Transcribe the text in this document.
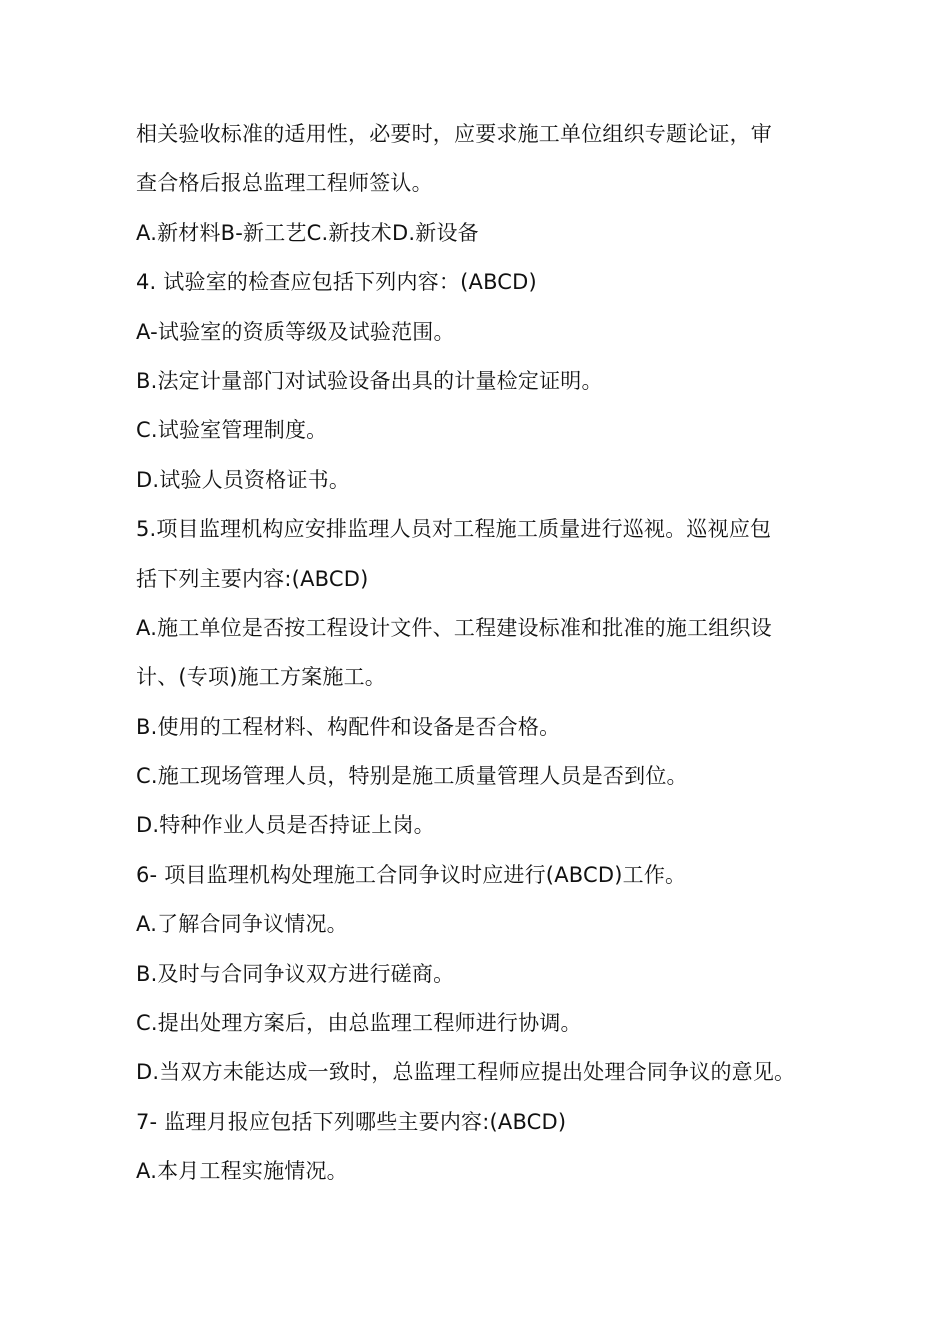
相关验收标准的适用性，必要时，应要求施工单位组织专题论证，审
查合格后报总监理工程师签认。
A.新材料B-新工艺C.新技术D.新设备
4. 试验室的检查应包括下列内容：(ABCD)
A-试验室的资质等级及试验范围。
B.法定计量部门对试验设备出具的计量检定证明。
C.试验室管理制度。
D.试验人员资格证书。
5.项目监理机构应安排监理人员对工程施工质量进行巡视。巡视应包
括下列主要内容:(ABCD)
A.施工单位是否按工程设计文件、工程建设标准和批准的施工组织设
计、(专项)施工方案施工。
B.使用的工程材料、构配件和设备是否合格。
C.施工现场管理人员，特别是施工质量管理人员是否到位。
D.特种作业人员是否持证上岗。
6- 项目监理机构处理施工合同争议时应进行(ABCD)工作。
A.了解合同争议情况。
B.及时与合同争议双方进行磋商。
C.提出处理方案后，由总监理工程师进行协调。
D.当双方未能达成一致时，总监理工程师应提出处理合同争议的意见。
7- 监理月报应包括下列哪些主要内容:(ABCD)
A.本月工程实施情况。
